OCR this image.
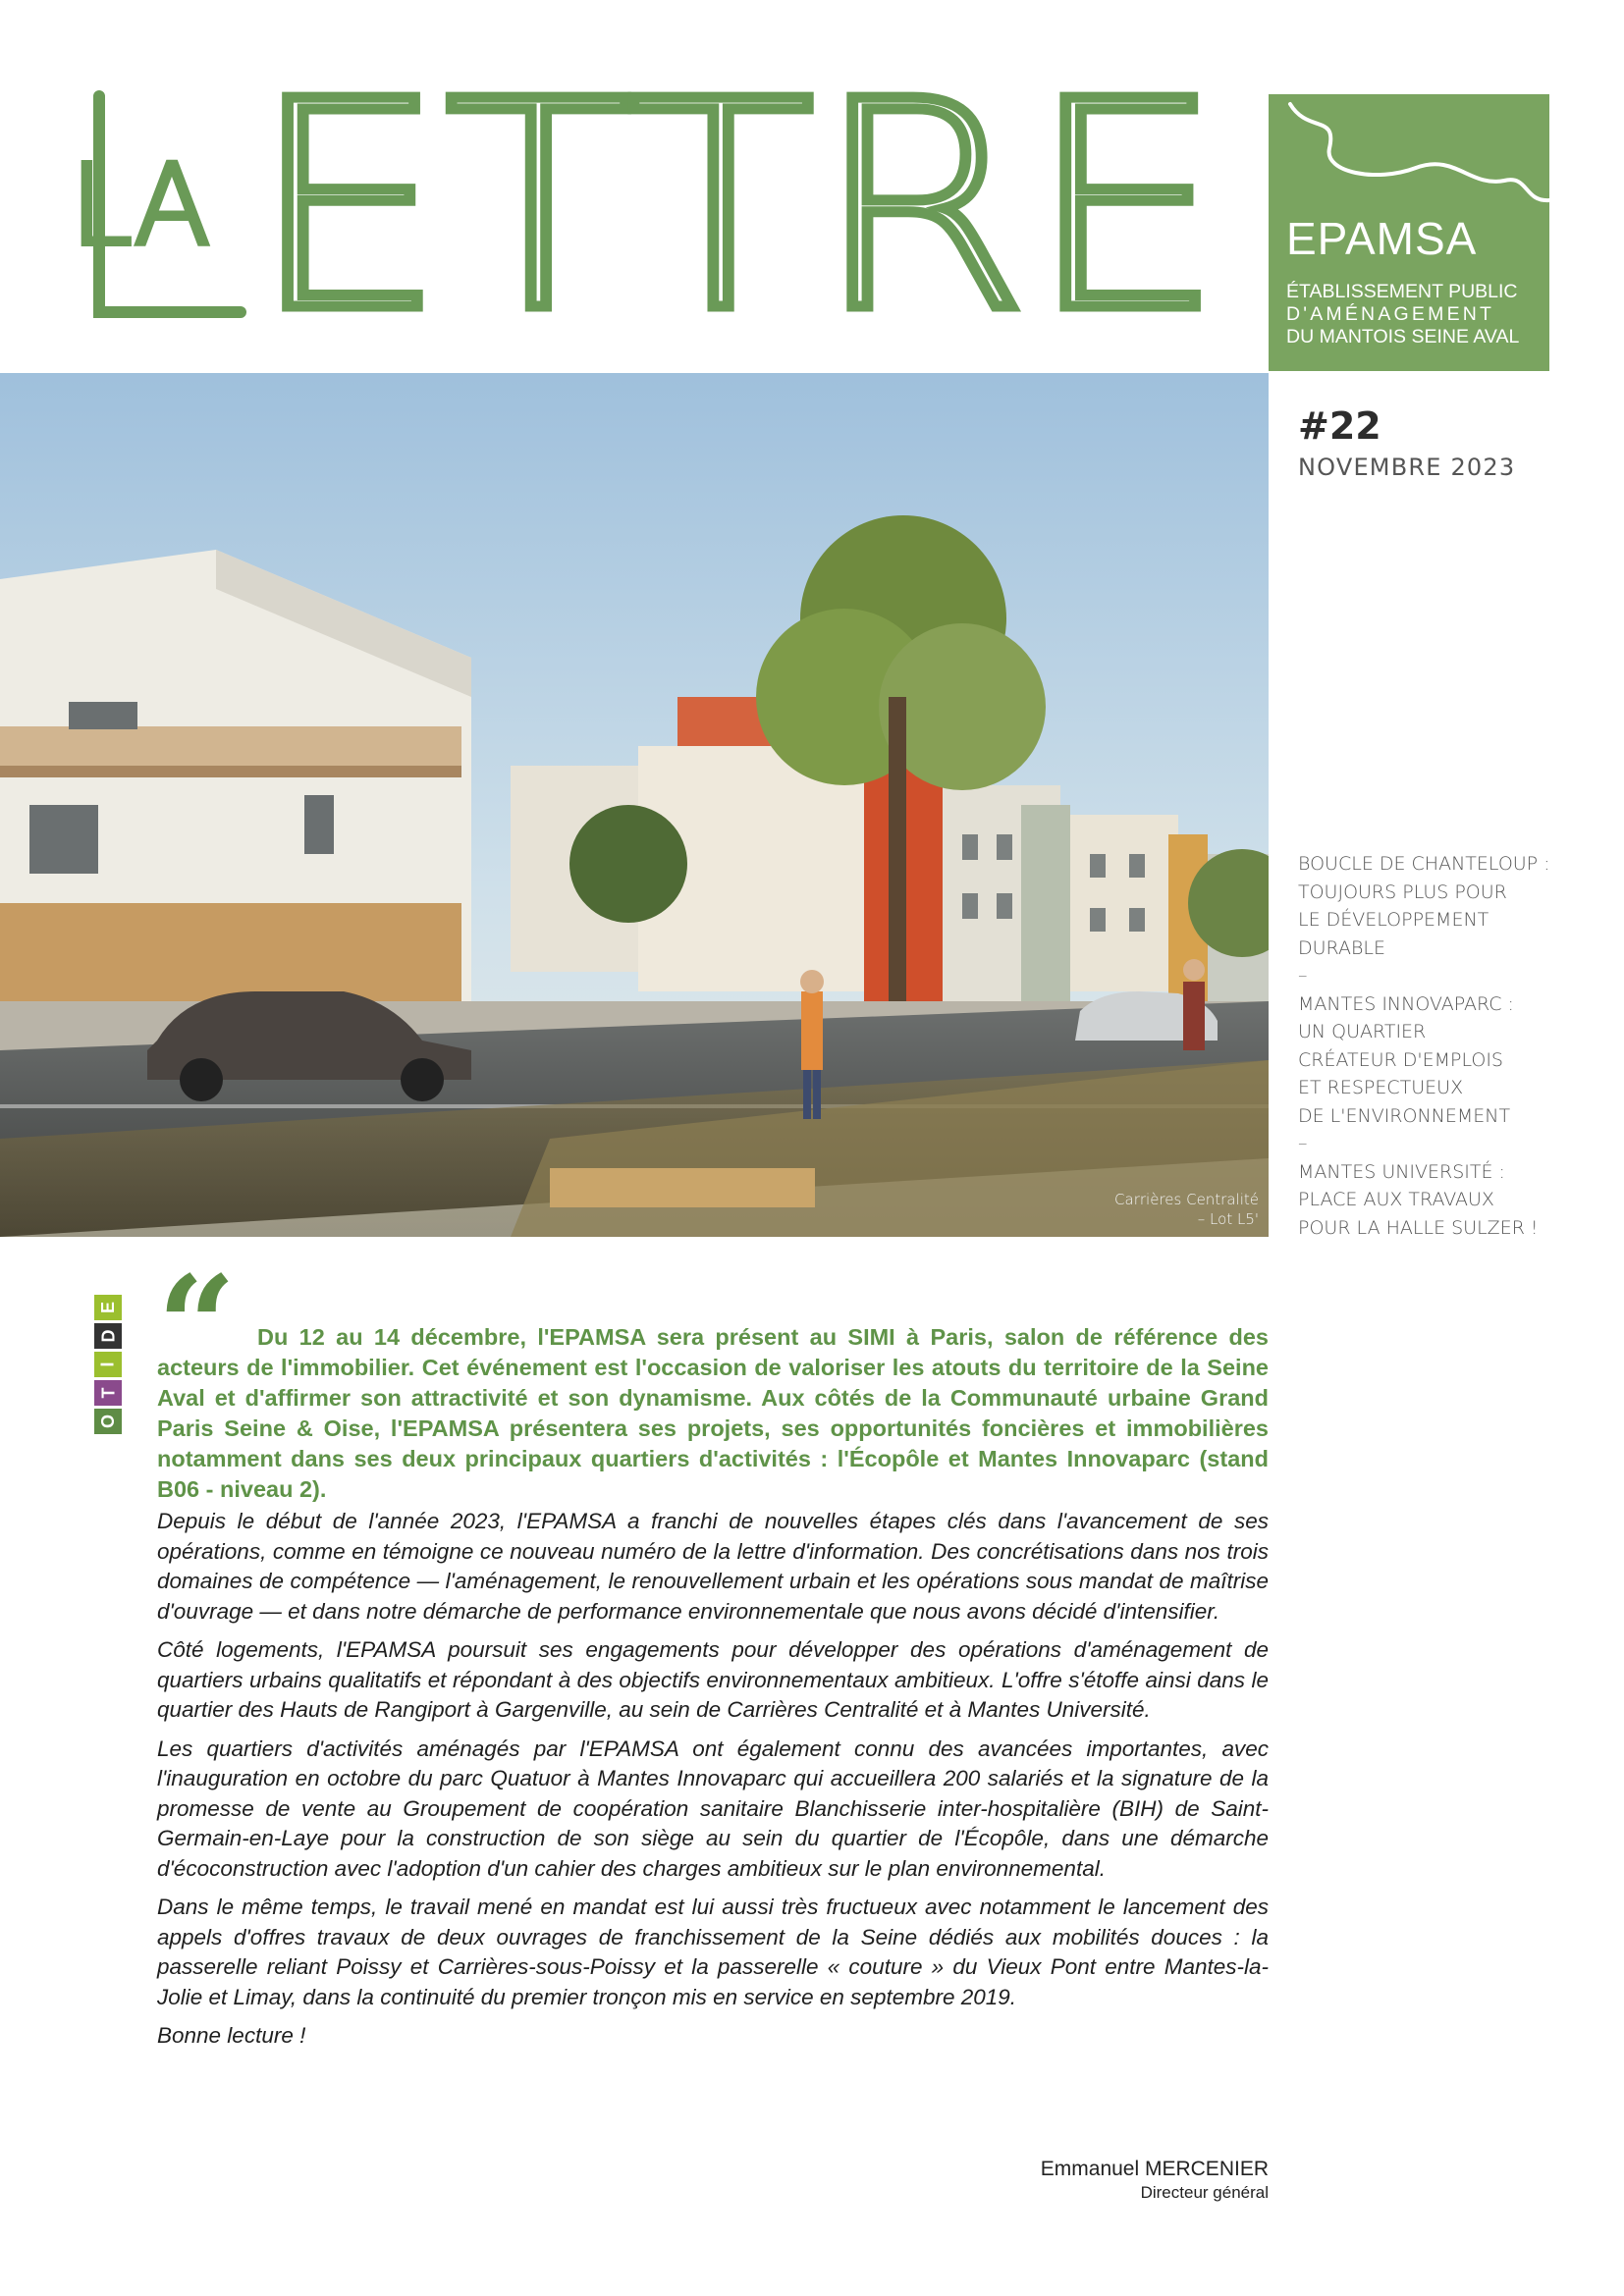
LA ETTRE EPAMSA
ÉTABLISSEMENT PUBLIC
D'AMÉNAGEMENT
DU MANTOIS SEINE AVAL
Carrières Centralité
– Lot L5'
#22
NOVEMBRE 2023
BOUCLE DE CHANTELOUP :
TOUJOURS PLUS POUR
LE DÉVELOPPEMENT
DURABLE
–
MANTES INNOVAPARC :
UN QUARTIER
CRÉATEUR D'EMPLOIS
ET RESPECTUEUX
DE L'ENVIRONNEMENT
–
MANTES UNIVERSITÉ :
PLACE AUX TRAVAUX
POUR LA HALLE SULZER !
E
D
I
T
O
“ Du 12 au 14 décembre, l'EPAMSA sera présent au SIMI à Paris, salon de référence des acteurs de l'immobilier. Cet événement est l'occasion de valoriser les atouts du territoire de la Seine Aval et d'affirmer son attractivité et son dynamisme. Aux côtés de la Communauté urbaine Grand Paris Seine & Oise, l'EPAMSA présentera ses projets, ses opportunités foncières et immobilières notamment dans ses deux principaux quartiers d'activités : l'Écopôle et Mantes Innovaparc (stand B06 - niveau 2).

Depuis le début de l'année 2023, l'EPAMSA a franchi de nouvelles étapes clés dans l'avancement de ses opérations, comme en témoigne ce nouveau numéro de la lettre d'information. Des concrétisations dans nos trois domaines de compétence — l'aménagement, le renouvellement urbain et les opérations sous mandat de maîtrise d'ouvrage — et dans notre démarche de performance environnementale que nous avons décidé d'intensifier.

Côté logements, l'EPAMSA poursuit ses engagements pour développer des opérations d'aménagement de quartiers urbains qualitatifs et répondant à des objectifs environnementaux ambitieux. L'offre s'étoffe ainsi dans le quartier des Hauts de Rangiport à Gargenville, au sein de Carrières Centralité et à Mantes Université.

Les quartiers d'activités aménagés par l'EPAMSA ont également connu des avancées importantes, avec l'inauguration en octobre du parc Quatuor à Mantes Innovaparc qui accueillera 200 salariés et la signature de la promesse de vente au Groupement de coopération sanitaire Blanchisserie inter-hospitalière (BIH) de Saint-Germain-en-Laye pour la construction de son siège au sein du quartier de l'Écopôle, dans une démarche d'écoconstruction avec l'adoption d'un cahier des charges ambitieux sur le plan environnemental.

Dans le même temps, le travail mené en mandat est lui aussi très fructueux avec notamment le lancement des appels d'offres travaux de deux ouvrages de franchissement de la Seine dédiés aux mobilités douces : la passerelle reliant Poissy et Carrières-sous-Poissy et la passerelle « couture » du Vieux Pont entre Mantes-la-Jolie et Limay, dans la continuité du premier tronçon mis en service en septembre 2019.

Bonne lecture !

Emmanuel MERCENIER
Directeur général
